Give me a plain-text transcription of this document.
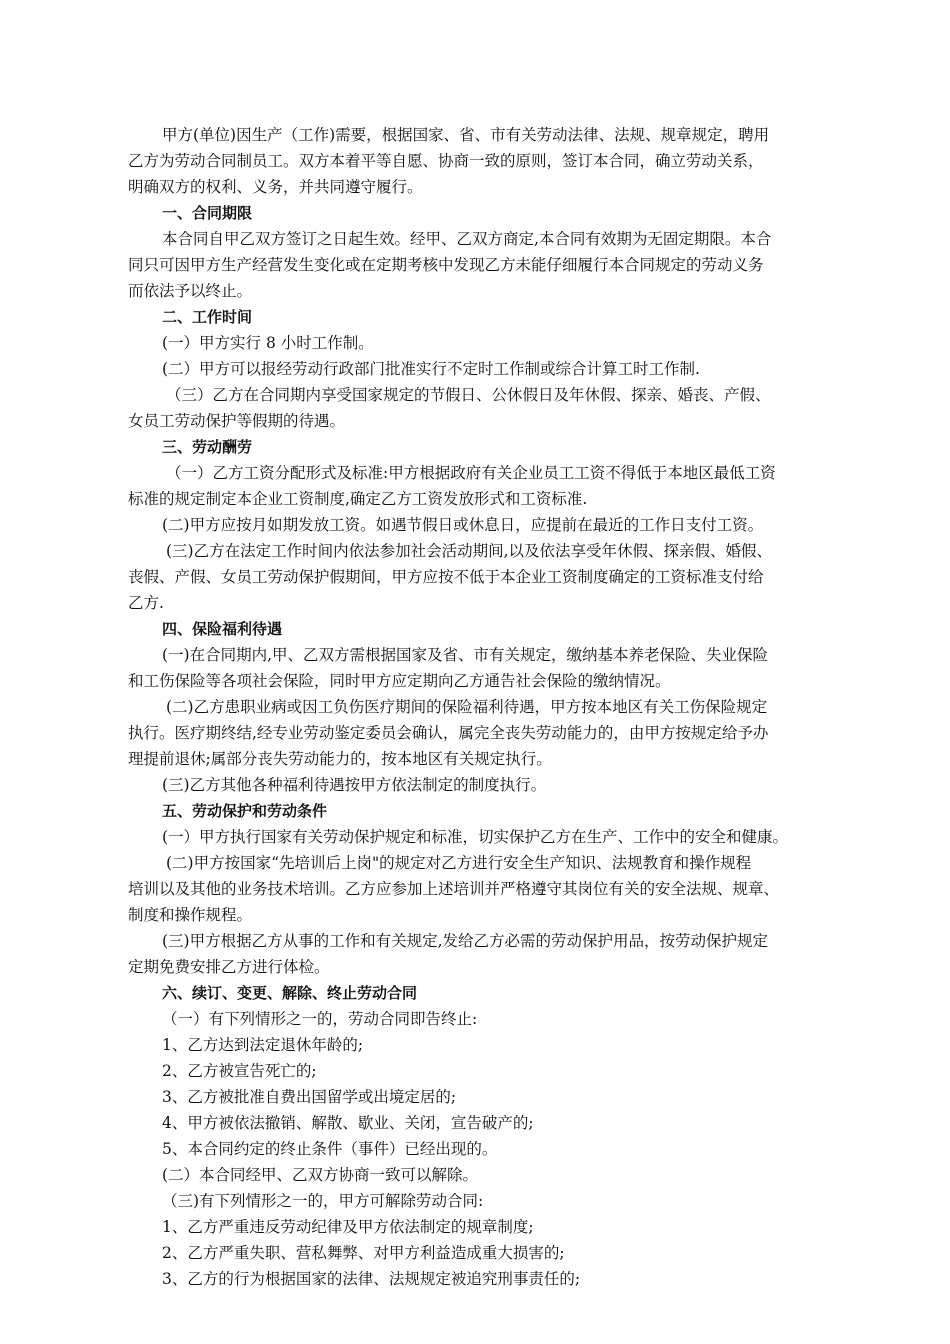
甲方(单位)因生产（工作)需要，根据国家、省、市有关劳动法律、法规、规章规定，聘用
乙方为劳动合同制员工。双方本着平等自愿、协商一致的原则，签订本合同，确立劳动关系，
明确双方的权利、义务，并共同遵守履行。
一、合同期限
本合同自甲乙双方签订之日起生效。经甲、乙双方商定,本合同有效期为无固定期限。本合
同只可因甲方生产经营发生变化或在定期考核中发现乙方未能仔细履行本合同规定的劳动义务
而依法予以终止。
二、工作时间
(一）甲方实行 8 小时工作制。
(二）甲方可以报经劳动行政部门批准实行不定时工作制或综合计算工时工作制.
（三）乙方在合同期内享受国家规定的节假日、公休假日及年休假、探亲、婚丧、产假、
女员工劳动保护等假期的待遇。
三、劳动酬劳
（一）乙方工资分配形式及标准:甲方根据政府有关企业员工工资不得低于本地区最低工资
标准的规定制定本企业工资制度,确定乙方工资发放形式和工资标准.
(二)甲方应按月如期发放工资。如遇节假日或休息日，应提前在最近的工作日支付工资。
(三)乙方在法定工作时间内依法参加社会活动期间,以及依法享受年休假、探亲假、婚假、
丧假、产假、女员工劳动保护假期间，甲方应按不低于本企业工资制度确定的工资标准支付给
乙方.
四、保险福利待遇
(一)在合同期内,甲、乙双方需根据国家及省、市有关规定，缴纳基本养老保险、失业保险
和工伤保险等各项社会保险，同时甲方应定期向乙方通告社会保险的缴纳情况。
(二)乙方患职业病或因工负伤医疗期间的保险福利待遇，甲方按本地区有关工伤保险规定
执行。医疗期终结,经专业劳动鉴定委员会确认，属完全丧失劳动能力的，由甲方按规定给予办
理提前退休;属部分丧失劳动能力的，按本地区有关规定执行。
(三)乙方其他各种福利待遇按甲方依法制定的制度执行。
五、劳动保护和劳动条件
(一）甲方执行国家有关劳动保护规定和标准，切实保护乙方在生产、工作中的安全和健康。
(二)甲方按国家“先培训后上岗"的规定对乙方进行安全生产知识、法规教育和操作规程
培训以及其他的业务技术培训。乙方应参加上述培训并严格遵守其岗位有关的安全法规、规章、
制度和操作规程。
(三)甲方根据乙方从事的工作和有关规定,发给乙方必需的劳动保护用品，按劳动保护规定
定期免费安排乙方进行体检。
六、续订、变更、解除、终止劳动合同
（一）有下列情形之一的，劳动合同即告终止:
1、乙方达到法定退休年龄的;
2、乙方被宣告死亡的;
3、乙方被批准自费出国留学或出境定居的;
4、甲方被依法撤销、解散、歇业、关闭，宣告破产的;
5、本合同约定的终止条件（事件）已经出现的。
(二）本合同经甲、乙双方协商一致可以解除。
（三)有下列情形之一的，甲方可解除劳动合同:
1、乙方严重违反劳动纪律及甲方依法制定的规章制度;
2、乙方严重失职、营私舞弊、对甲方利益造成重大损害的;
3、乙方的行为根据国家的法律、法规规定被追究刑事责任的;
